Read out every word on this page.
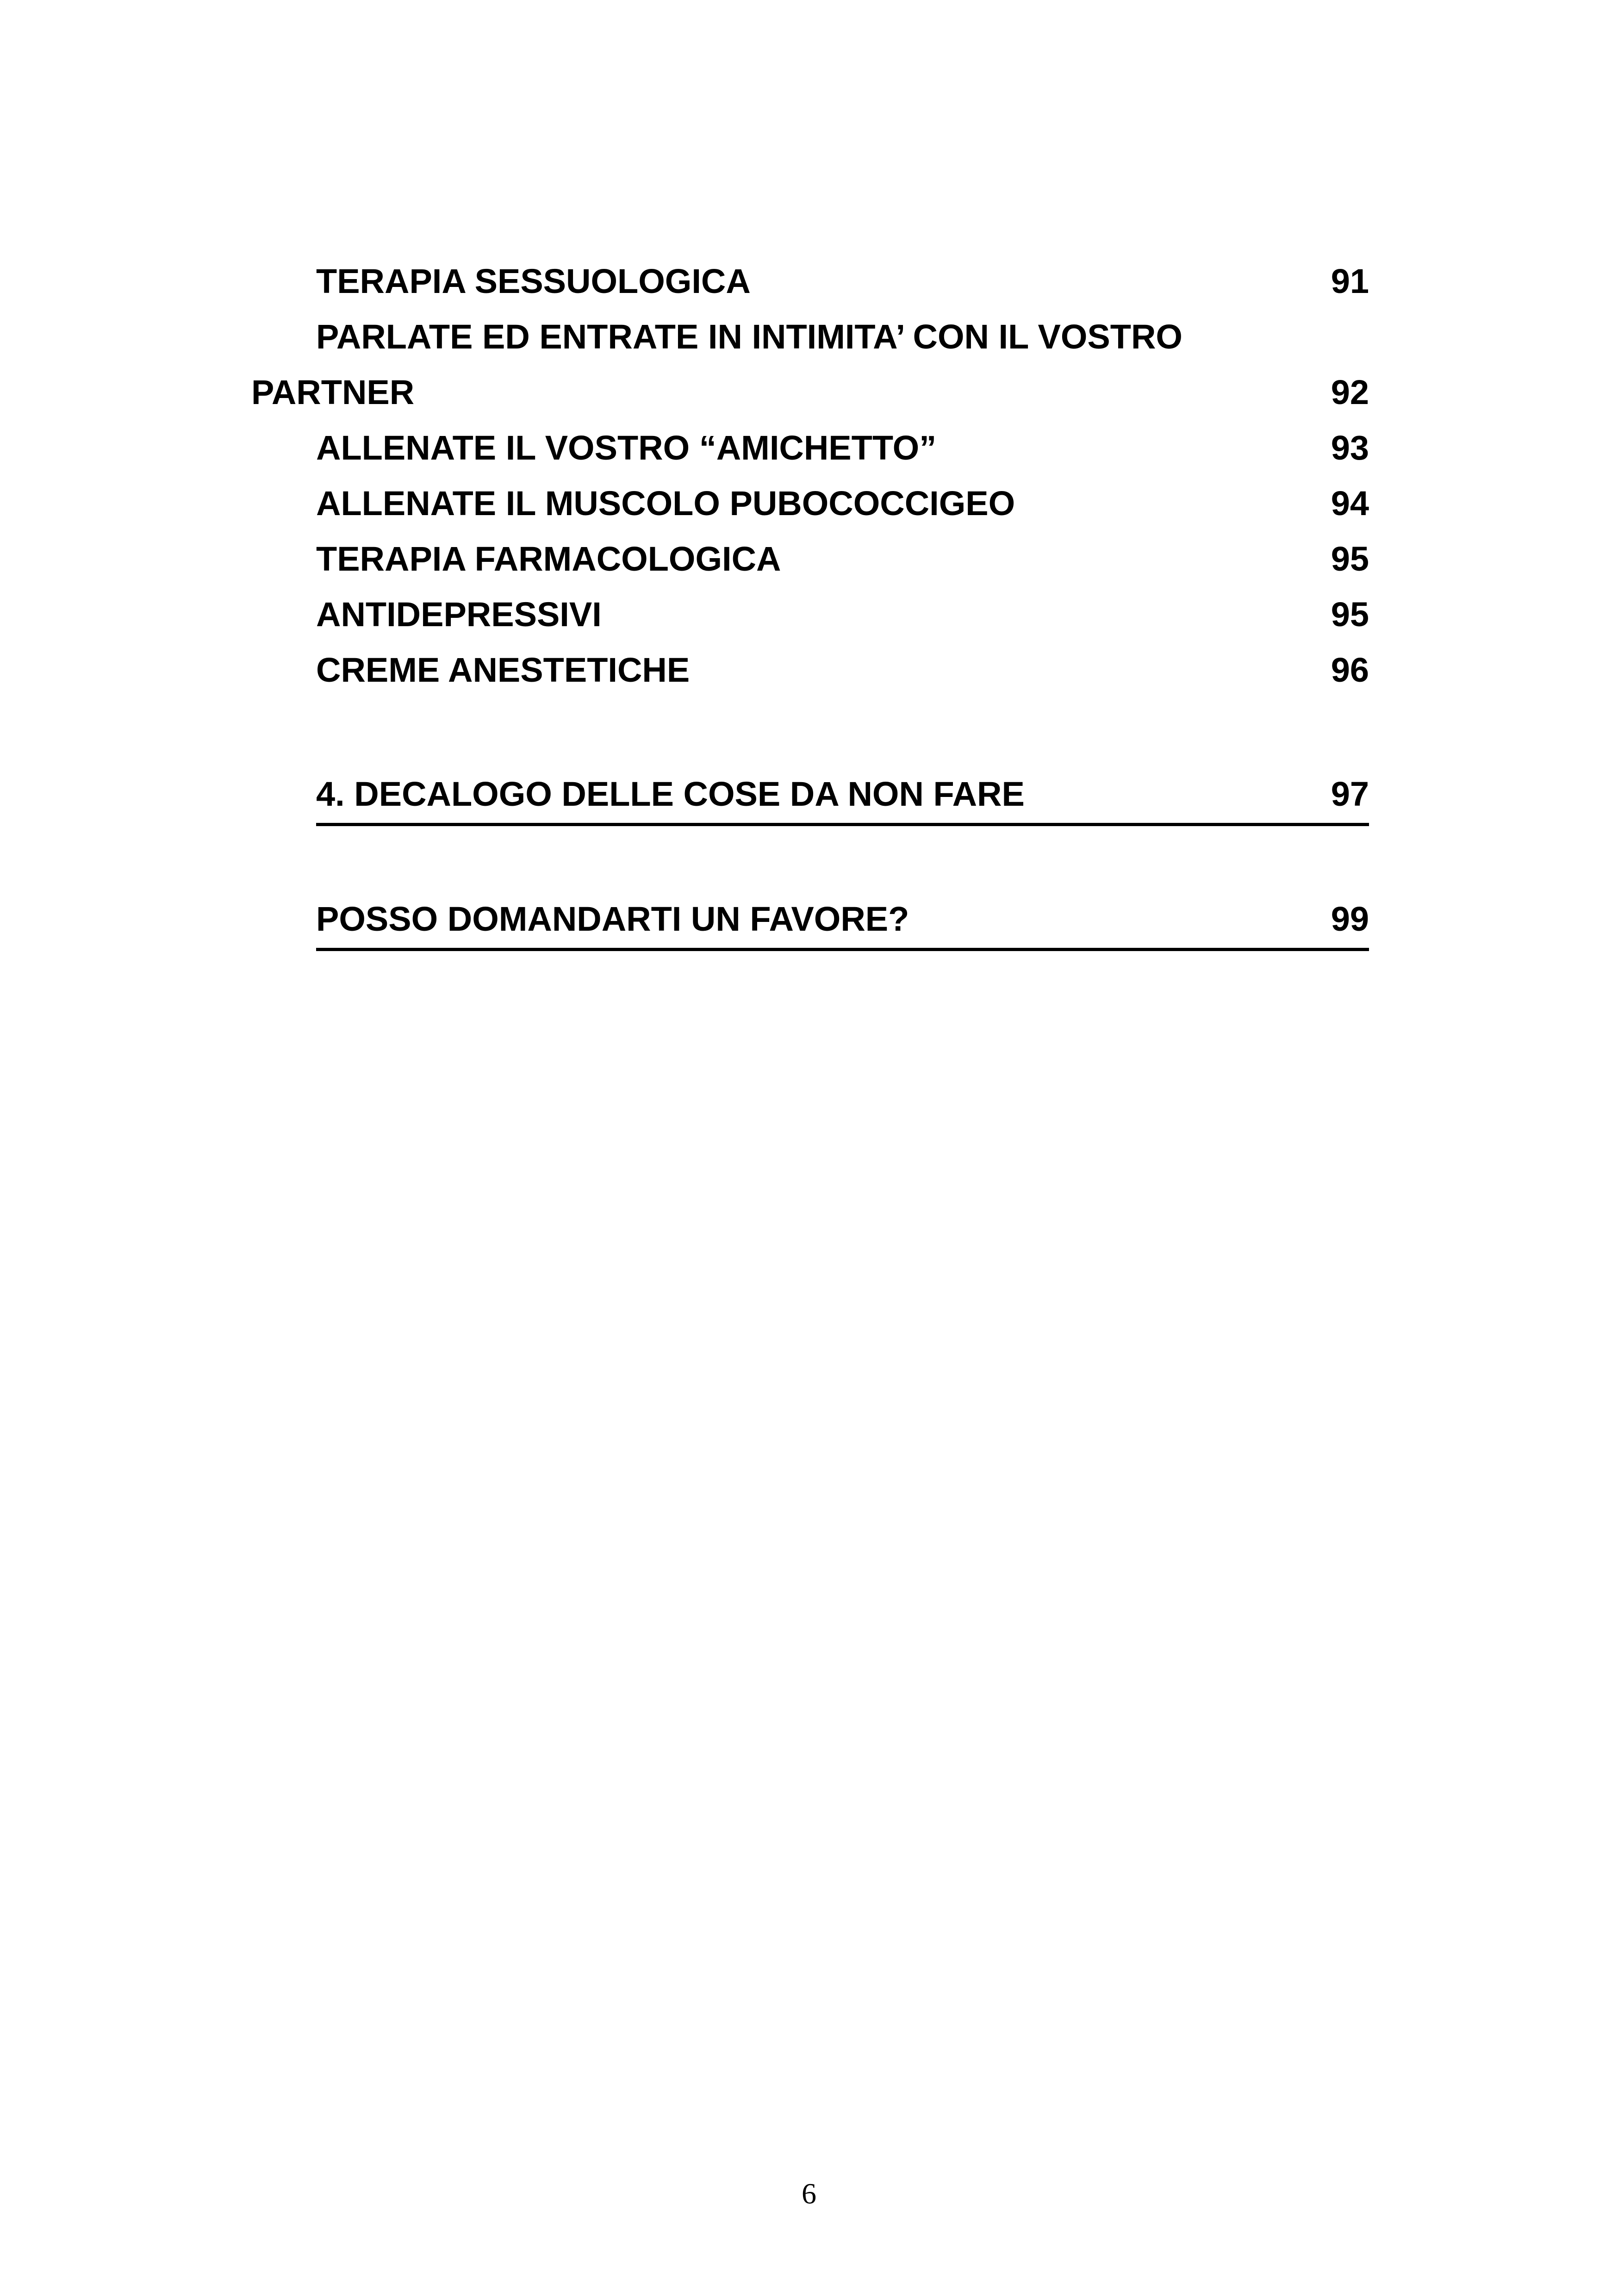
TERAPIA SESSUOLOGICA	91
PARLATE ED ENTRATE IN INTIMITA’ CON IL VOSTRO
PARTNER	92
ALLENATE IL VOSTRO “AMICHETTO”	93
ALLENATE IL MUSCOLO PUBOCOCCIGEO	94
TERAPIA FARMACOLOGICA	95
ANTIDEPRESSIVI	95
CREME ANESTETICHE	96
4. DECALOGO DELLE COSE DA NON FARE	97
POSSO DOMANDARTI UN FAVORE?	99
6
